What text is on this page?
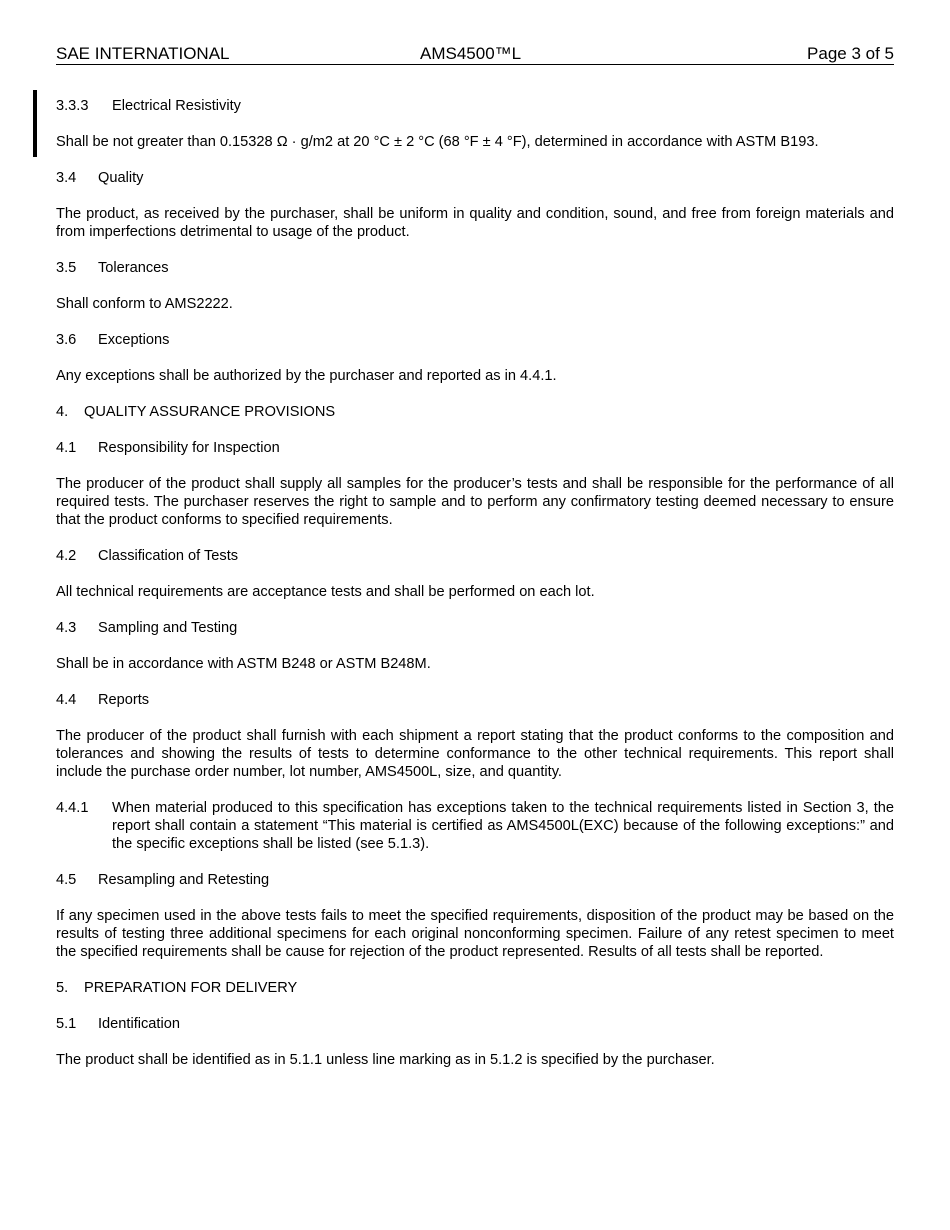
SAE INTERNATIONAL	AMS4500™L	Page 3 of 5
3.3.3 Electrical Resistivity

Shall be not greater than 0.15328 Ω · g/m2 at 20 °C ± 2 °C (68 °F ± 4 °F), determined in accordance with ASTM B193.

3.4 Quality

The product, as received by the purchaser, shall be uniform in quality and condition, sound, and free from foreign materials and from imperfections detrimental to usage of the product.

3.5 Tolerances

Shall conform to AMS2222.

3.6 Exceptions

Any exceptions shall be authorized by the purchaser and reported as in 4.4.1.

4. QUALITY ASSURANCE PROVISIONS
4.1 Responsibility for Inspection

The producer of the product shall supply all samples for the producer’s tests and shall be responsible for the performance of all required tests. The purchaser reserves the right to sample and to perform any confirmatory testing deemed necessary to ensure that the product conforms to specified requirements.

4.2 Classification of Tests

All technical requirements are acceptance tests and shall be performed on each lot.

4.3 Sampling and Testing

Shall be in accordance with ASTM B248 or ASTM B248M.

4.4 Reports

The producer of the product shall furnish with each shipment a report stating that the product conforms to the composition and tolerances and showing the results of tests to determine conformance to the other technical requirements. This report shall include the purchase order number, lot number, AMS4500L, size, and quantity.

4.4.1	When material produced to this specification has exceptions taken to the technical requirements listed in Section 3, the report shall contain a statement “This material is certified as AMS4500L(EXC) because of the following exceptions:” and the specific exceptions shall be listed (see 5.1.3).
4.5 Resampling and Retesting

If any specimen used in the above tests fails to meet the specified requirements, disposition of the product may be based on the results of testing three additional specimens for each original nonconforming specimen. Failure of any retest specimen to meet the specified requirements shall be cause for rejection of the product represented. Results of all tests shall be reported.

5. PREPARATION FOR DELIVERY
5.1 Identification

The product shall be identified as in 5.1.1 unless line marking as in 5.1.2 is specified by the purchaser.
